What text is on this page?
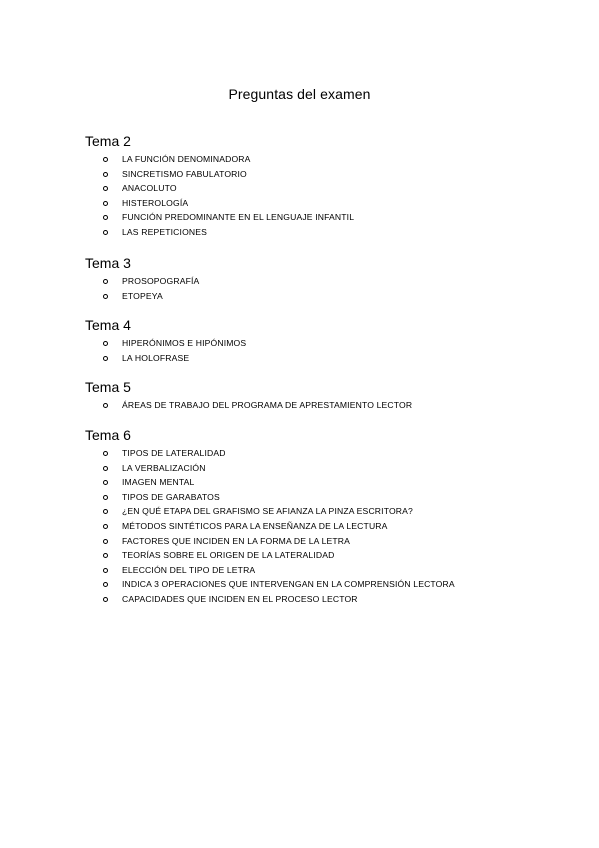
Preguntas del examen
Tema 2
LA FUNCIÓN DENOMINADORA
SINCRETISMO FABULATORIO
ANACOLUTO
HISTEROLOGÍA
FUNCIÓN PREDOMINANTE EN EL LENGUAJE INFANTIL
LAS REPETICIONES
Tema 3
PROSOPOGRAFÍA
ETOPEYA
Tema 4
HIPERÓNIMOS E HIPÓNIMOS
LA HOLOFRASE
Tema 5
ÁREAS DE TRABAJO DEL PROGRAMA DE APRESTAMIENTO LECTOR
Tema 6
TIPOS DE LATERALIDAD
LA VERBALIZACIÓN
IMAGEN MENTAL
TIPOS DE GARABATOS
¿EN QUÉ ETAPA DEL GRAFISMO SE AFIANZA LA PINZA ESCRITORA?
MÉTODOS SINTÉTICOS PARA LA ENSEÑANZA DE LA LECTURA
FACTORES QUE INCIDEN EN LA FORMA DE LA LETRA
TEORÍAS SOBRE EL ORIGEN DE LA LATERALIDAD
ELECCIÓN DEL TIPO DE LETRA
INDICA 3 OPERACIONES QUE INTERVENGAN EN LA COMPRENSIÓN LECTORA
CAPACIDADES QUE INCIDEN EN EL PROCESO LECTOR
